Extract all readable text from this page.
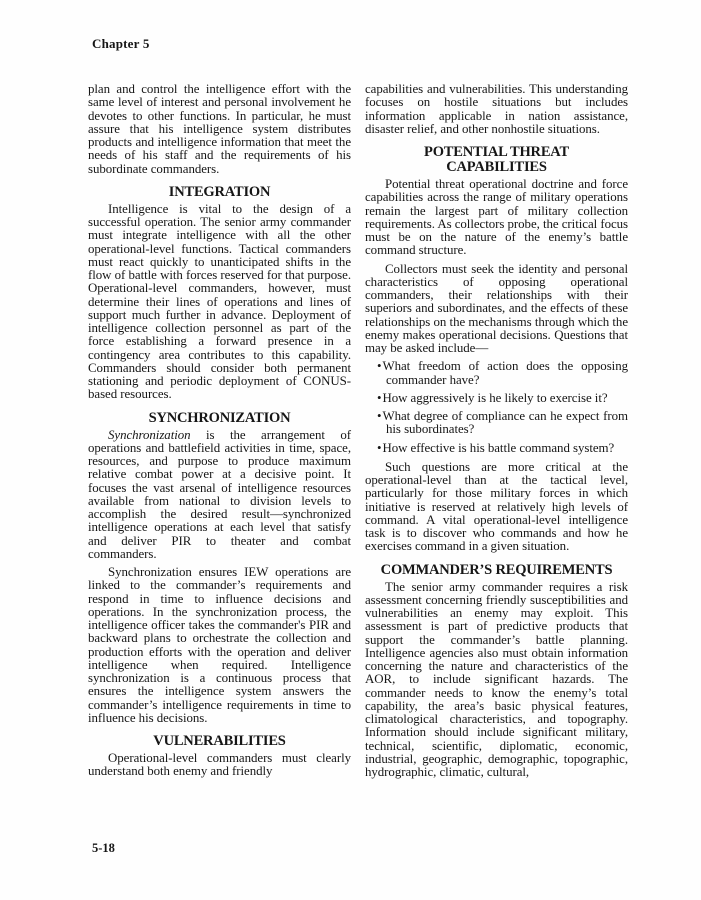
Chapter 5

plan and control the intelligence effort with the same level of interest and personal involvement he devotes to other functions. In particular, he must assure that his intelligence system distributes products and intelligence information that meet the needs of his staff and the requirements of his subordinate commanders.

INTEGRATION

Intelligence is vital to the design of a successful operation. The senior army commander must integrate intelligence with all the other operational-level functions. Tactical commanders must react quickly to unanticipated shifts in the flow of battle with forces reserved for that purpose. Operational-level commanders, however, must determine their lines of operations and lines of support much further in advance. Deployment of intelligence collection personnel as part of the force establishing a forward presence in a contingency area contributes to this capability. Commanders should consider both permanent stationing and periodic deployment of CONUS-based resources.

SYNCHRONIZATION

Synchronization is the arrangement of operations and battlefield activities in time, space, resources, and purpose to produce maximum relative combat power at a decisive point. It focuses the vast arsenal of intelligence resources available from national to division levels to accomplish the desired result—synchronized intelligence operations at each level that satisfy and deliver PIR to theater and combat commanders.

Synchronization ensures IEW operations are linked to the commander’s requirements and respond in time to influence decisions and operations. In the synchronization process, the intelligence officer takes the commander's PIR and backward plans to orchestrate the collection and production efforts with the operation and deliver intelligence when required. Intelligence synchronization is a continuous process that ensures the intelligence system answers the commander’s intelligence requirements in time to influence his decisions.

VULNERABILITIES

Operational-level commanders must clearly understand both enemy and friendly

capabilities and vulnerabilities. This understanding focuses on hostile situations but includes information applicable in nation assistance, disaster relief, and other nonhostile situations.

POTENTIAL THREAT
CAPABILITIES

Potential threat operational doctrine and force capabilities across the range of military operations remain the largest part of military collection requirements. As collectors probe, the critical focus must be on the nature of the enemy’s battle command structure.

Collectors must seek the identity and personal characteristics of opposing operational commanders, their relationships with their superiors and subordinates, and the effects of these relationships on the mechanisms through which the enemy makes operational decisions. Questions that may be asked include—

• What freedom of action does the opposing commander have?
• How aggressively is he likely to exercise it?
• What degree of compliance can he expect from his subordinates?
• How effective is his battle command system?

Such questions are more critical at the operational-level than at the tactical level, particularly for those military forces in which initiative is reserved at relatively high levels of command. A vital operational-level intelligence task is to discover who commands and how he exercises command in a given situation.

COMMANDER’S REQUIREMENTS

The senior army commander requires a risk assessment concerning friendly susceptibilities and vulnerabilities an enemy may exploit. This assessment is part of predictive products that support the commander’s battle planning. Intelligence agencies also must obtain information concerning the nature and characteristics of the AOR, to include significant hazards. The commander needs to know the enemy’s total capability, the area’s basic physical features, climatological characteristics, and topography. Information should include significant military, technical, scientific, diplomatic, economic, industrial, geographic, demographic, topographic, hydrographic, climatic, cultural,

5-18
